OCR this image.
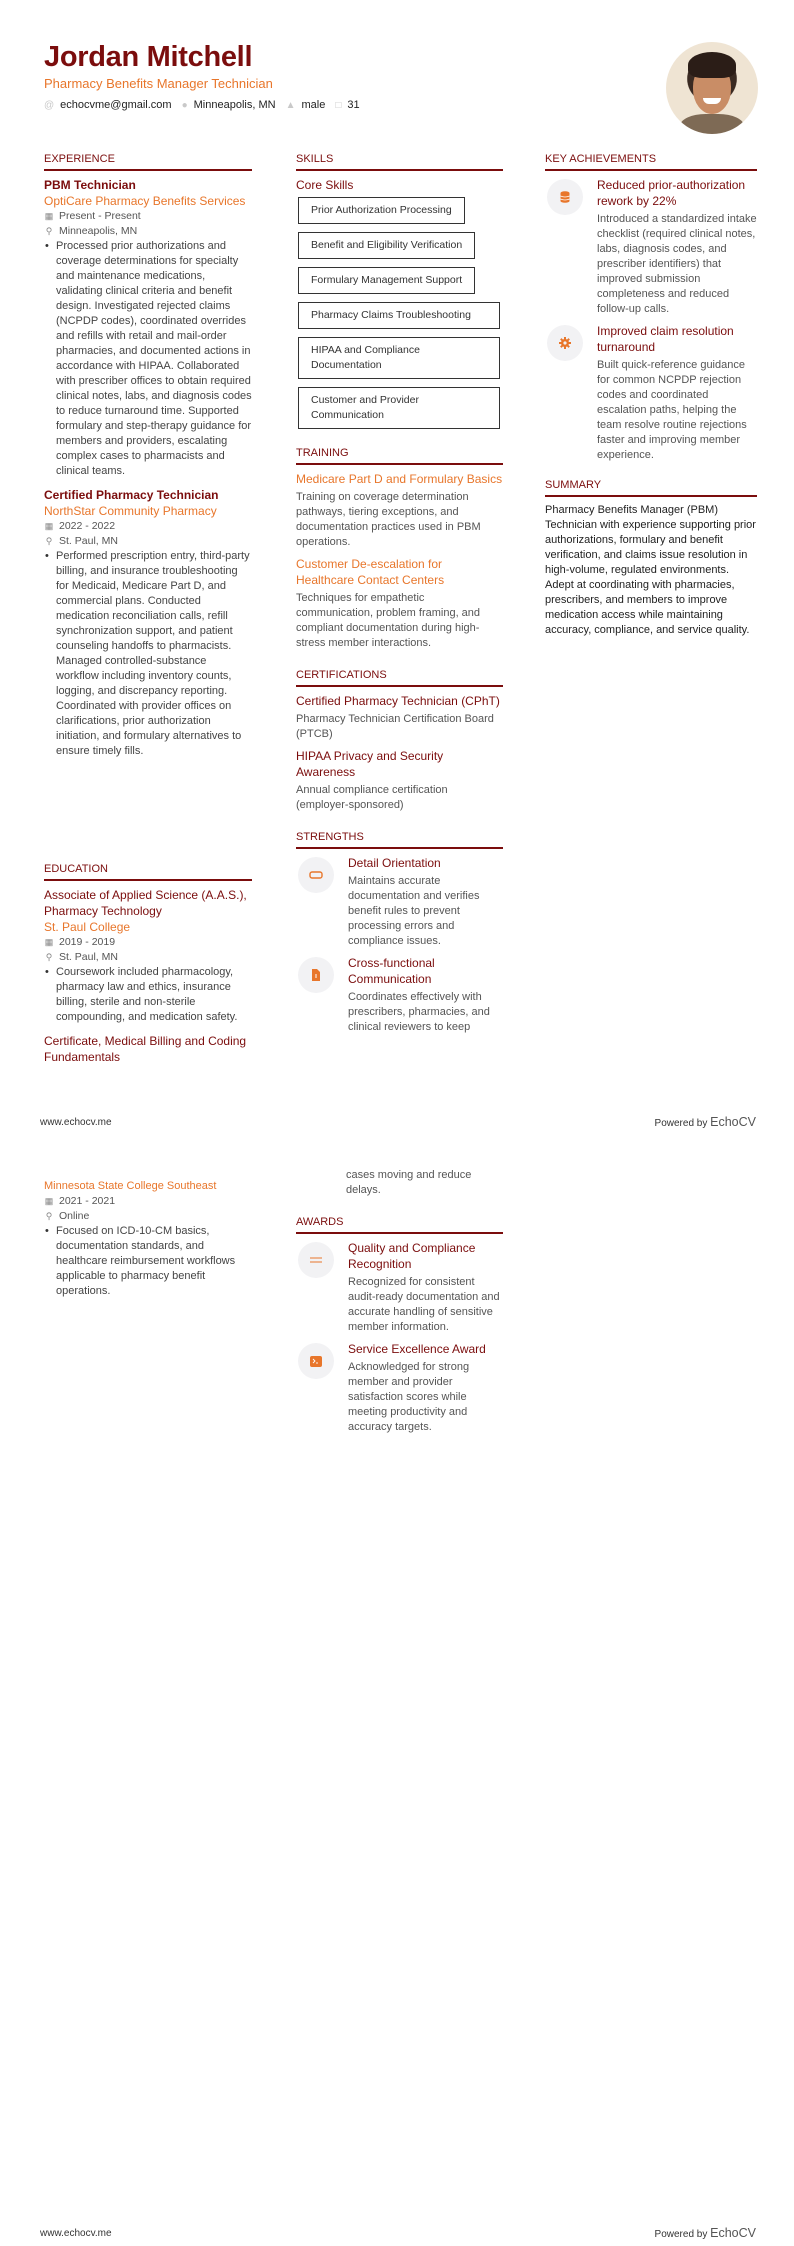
Jordan Mitchell
Pharmacy Benefits Manager Technician
@ echocvme@gmail.com ● Minneapolis, MN ▲ male □ 31
EXPERIENCE
PBM Technician
OptiCare Pharmacy Benefits Services
▦ Present - Present
⚲ Minneapolis, MN
• Processed prior authorizations and coverage determinations for specialty and maintenance medications, validating clinical criteria and benefit design. Investigated rejected claims (NCPDP codes), coordinated overrides and refills with retail and mail-order pharmacies, and documented actions in accordance with HIPAA. Collaborated with prescriber offices to obtain required clinical notes, labs, and diagnosis codes to reduce turnaround time. Supported formulary and step-therapy guidance for members and providers, escalating complex cases to pharmacists and clinical teams.
Certified Pharmacy Technician
NorthStar Community Pharmacy
▦ 2022 - 2022
⚲ St. Paul, MN
• Performed prescription entry, third-party billing, and insurance troubleshooting for Medicaid, Medicare Part D, and commercial plans. Conducted medication reconciliation calls, refill synchronization support, and patient counseling handoffs to pharmacists. Managed controlled-substance workflow including inventory counts, logging, and discrepancy reporting. Coordinated with provider offices on clarifications, prior authorization initiation, and formulary alternatives to ensure timely fills.
EDUCATION
Associate of Applied Science (A.A.S.), Pharmacy Technology
St. Paul College
▦ 2019 - 2019
⚲ St. Paul, MN
• Coursework included pharmacology, pharmacy law and ethics, insurance billing, sterile and non-sterile compounding, and medication safety.
Certificate, Medical Billing and Coding Fundamentals
SKILLS
Core Skills
Prior Authorization Processing
Benefit and Eligibility Verification
Formulary Management Support
Pharmacy Claims Troubleshooting
HIPAA and Compliance Documentation
Customer and Provider Communication
TRAINING
Medicare Part D and Formulary Basics
Training on coverage determination pathways, tiering exceptions, and documentation practices used in PBM operations.
Customer De-escalation for Healthcare Contact Centers
Techniques for empathetic communication, problem framing, and compliant documentation during high-stress member interactions.
CERTIFICATIONS
Certified Pharmacy Technician (CPhT)
Pharmacy Technician Certification Board (PTCB)
HIPAA Privacy and Security Awareness
Annual compliance certification (employer-sponsored)
STRENGTHS
Detail Orientation
Maintains accurate documentation and verifies benefit rules to prevent processing errors and compliance issues.
Cross-functional Communication
Coordinates effectively with prescribers, pharmacies, and clinical reviewers to keep
KEY ACHIEVEMENTS
Reduced prior-authorization rework by 22%
Introduced a standardized intake checklist (required clinical notes, labs, diagnosis codes, and prescriber identifiers) that improved submission completeness and reduced follow-up calls.
Improved claim resolution turnaround
Built quick-reference guidance for common NCPDP rejection codes and coordinated escalation paths, helping the team resolve routine rejections faster and improving member experience.
SUMMARY
Pharmacy Benefits Manager (PBM) Technician with experience supporting prior authorizations, formulary and benefit verification, and claims issue resolution in high-volume, regulated environments. Adept at coordinating with pharmacies, prescribers, and members to improve medication access while maintaining accuracy, compliance, and service quality.
www.echocv.me	Powered by EchoCV
Minnesota State College Southeast
▦ 2021 - 2021
⚲ Online
• Focused on ICD-10-CM basics, documentation standards, and healthcare reimbursement workflows applicable to pharmacy benefit operations.
cases moving and reduce delays.
AWARDS
Quality and Compliance Recognition
Recognized for consistent audit-ready documentation and accurate handling of sensitive member information.
Service Excellence Award
Acknowledged for strong member and provider satisfaction scores while meeting productivity and accuracy targets.
www.echocv.me	Powered by EchoCV
